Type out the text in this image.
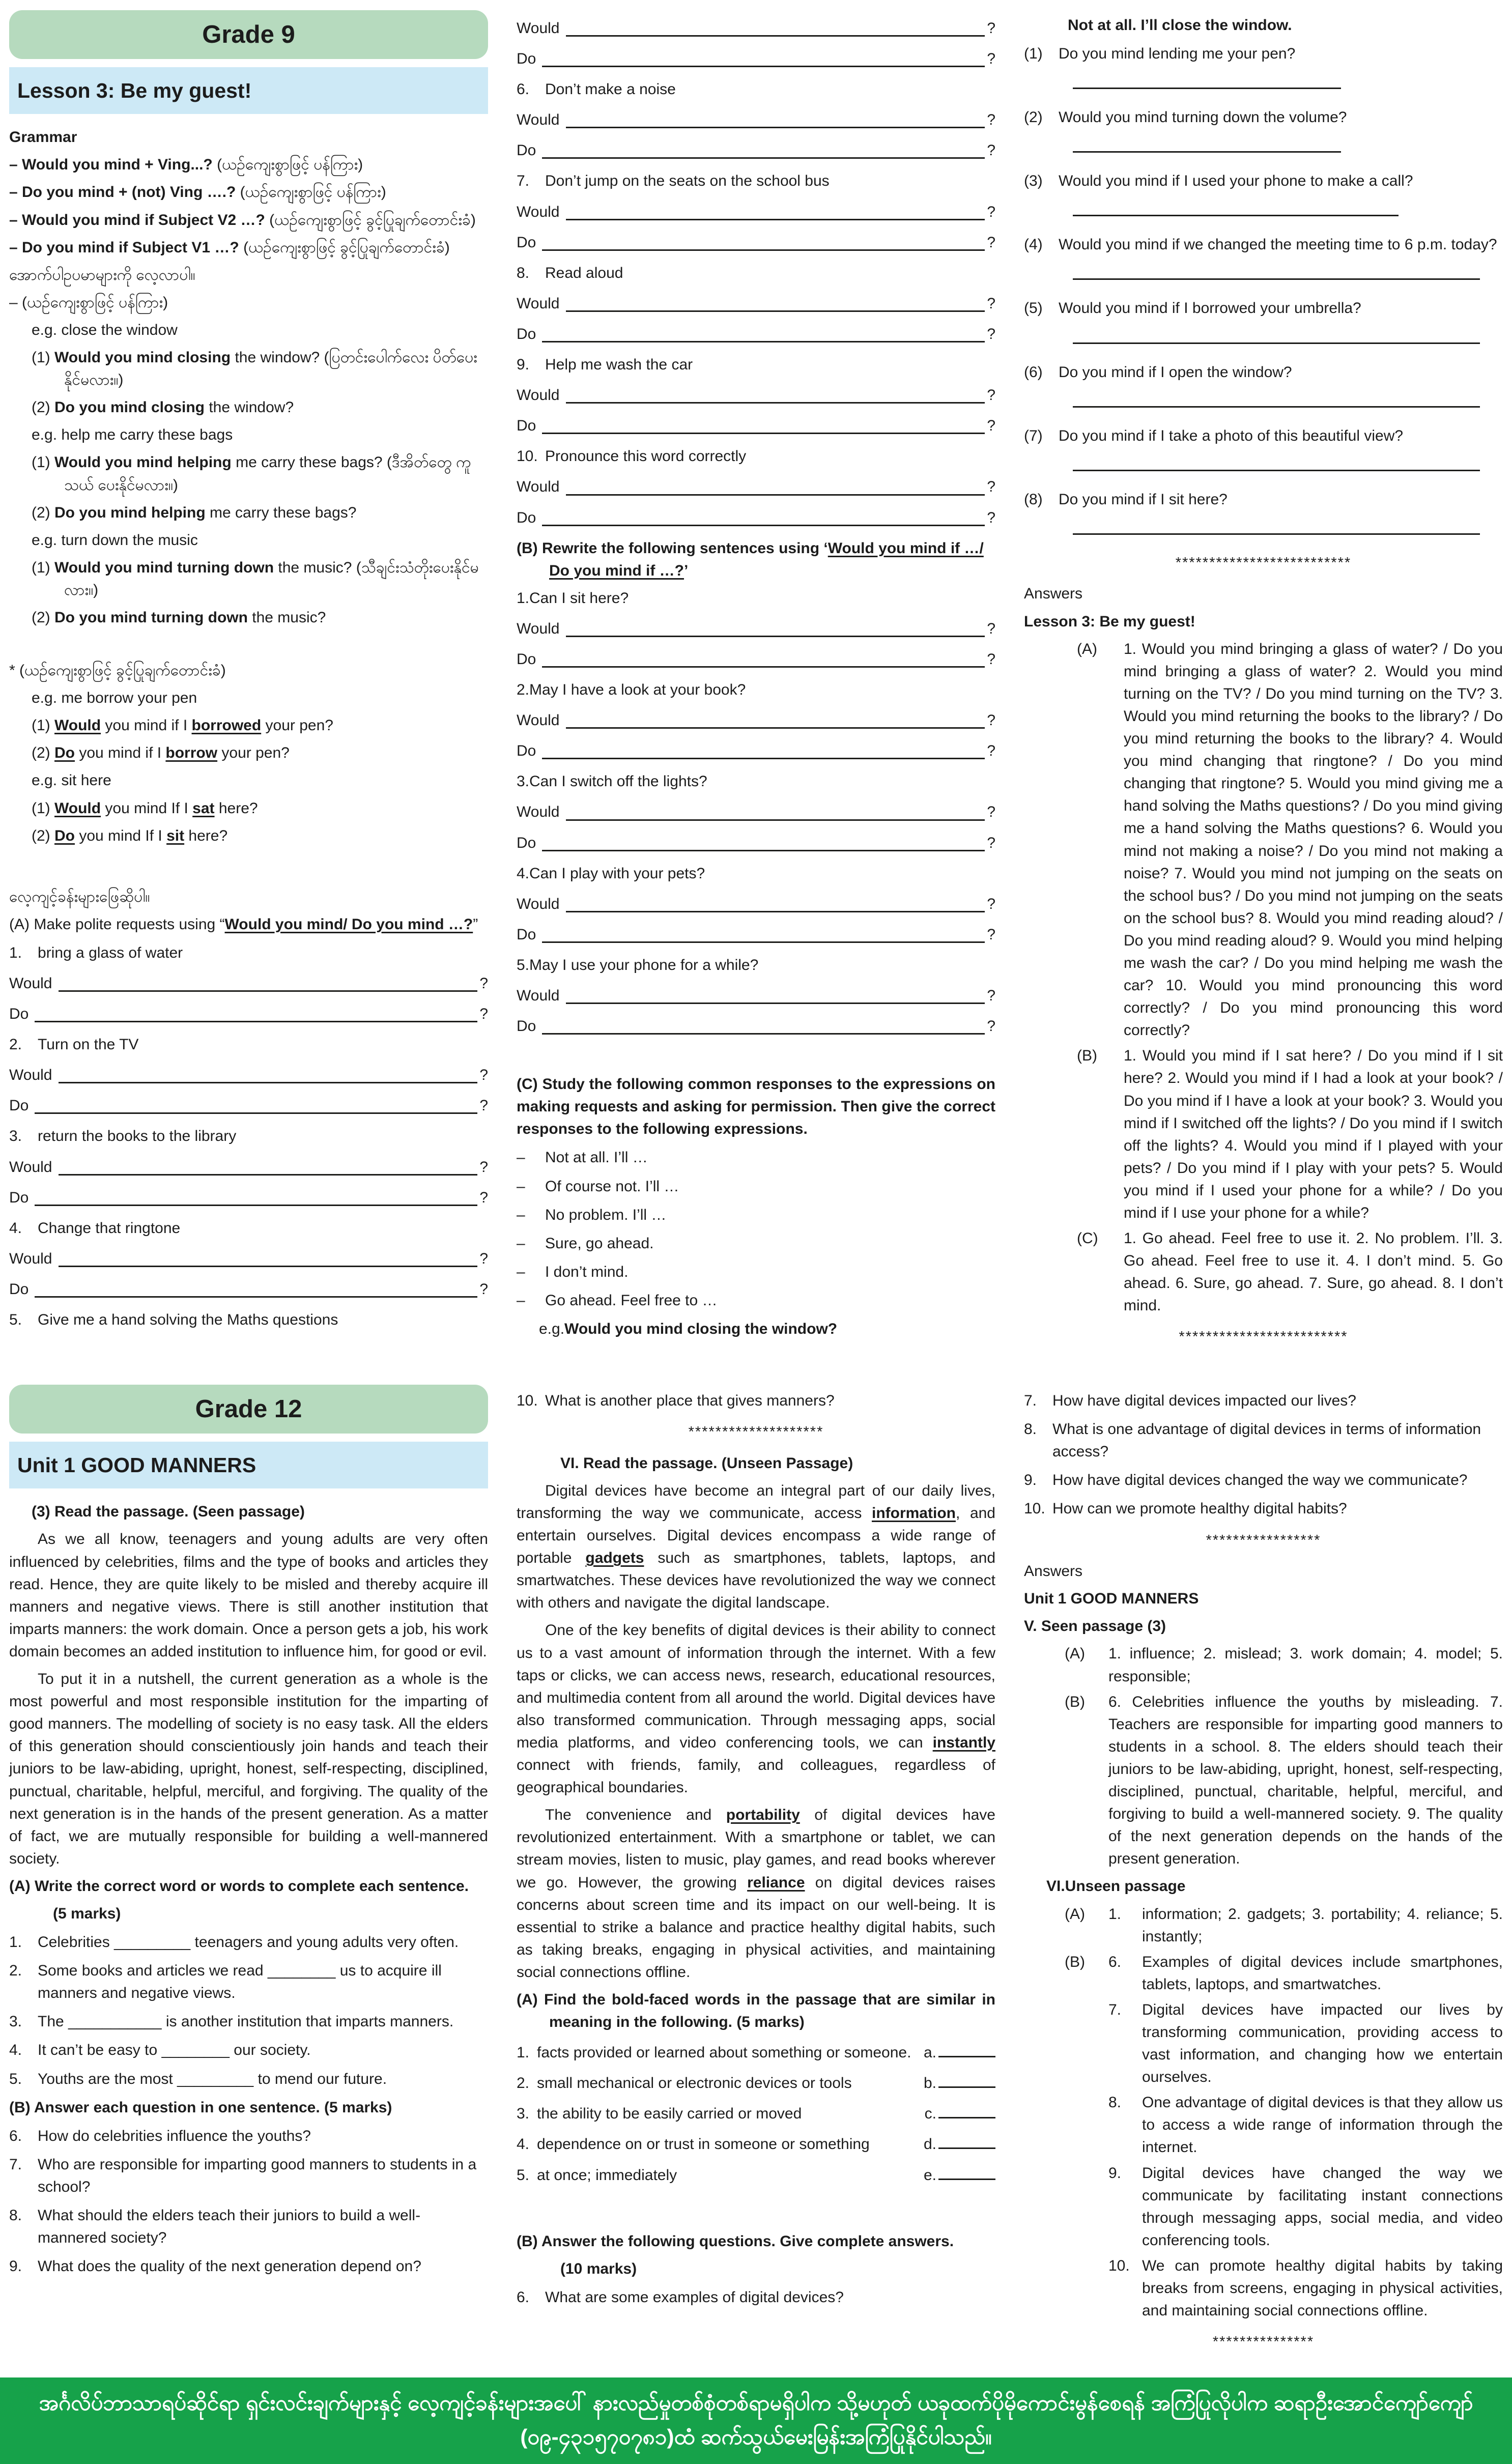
Grade 9
Lesson 3: Be my guest!
Grammar
– Would you mind + Ving...? (ယဉ်ကျေးစွာဖြင့် ပန်ကြား)
– Do you mind + (not) Ving ….? (ယဉ်ကျေးစွာဖြင့် ပန်ကြား)
– Would you mind if Subject V2 …? (ယဉ်ကျေးစွာဖြင့် ခွင့်ပြုချက်တောင်းခံ)
– Do you mind if Subject V1 …? (ယဉ်ကျေးစွာဖြင့် ခွင့်ပြုချက်တောင်းခံ)
အောက်ပါဥပမာများကို လေ့လာပါ။
– (ယဉ်ကျေးစွာဖြင့် ပန်ကြား)
e.g. close the window
(1) Would you mind closing the window? (ပြတင်းပေါက်လေး ပိတ်ပေးနိုင်မလား။)
(2) Do you mind closing the window?
e.g. help me carry these bags
(1) Would you mind helping me carry these bags? (ဒီအိတ်တွေ ကူသယ် ပေးနိုင်မလား။)
(2) Do you mind helping me carry these bags?
e.g. turn down the music
(1) Would you mind turning down the music? (သီချင်းသံတိုးပေးနိုင်မလား။)
(2) Do you mind turning down the music?
* (ယဉ်ကျေးစွာဖြင့် ခွင့်ပြုချက်တောင်းခံ)
e.g. me borrow your pen
(1) Would you mind if I borrowed your pen?
(2) Do you mind if I borrow your pen?
e.g. sit here
(1) Would you mind If I sat here?
(2) Do you mind If I sit here?
လေ့ကျင့်ခန်းများဖြေဆိုပါ။
(A) Make polite requests using “Would you mind/ Do you mind …?”
1.	bring a glass of water
Would	?
Do	?
2.	Turn on the TV
Would	?
Do	?
3.	return the books to the library
Would	?
Do	?
4.	Change that ringtone
Would	?
Do	?
5.	Give me a hand solving the Maths questions
Would	?
Do	?
6.	Don’t make a noise
Would	?
Do	?
7.	Don’t jump on the seats on the school bus
Would	?
Do	?
8.	Read aloud
Would	?
Do	?
9.	Help me wash the car
Would	?
Do	?
10. Pronounce this word correctly
Would	?
Do	?
(B) Rewrite the following sentences using ‘Would you mind if …/ Do you mind if …?’
1.Can I sit here?
Would	?
Do	?
2.May I have a look at your book?
Would	?
Do	?
3.Can I switch off the lights?
Would	?
Do	?
4.Can I play with your pets?
Would	?
Do	?
5.May I use your phone for a while?
Would	?
Do	?
(C) Study the following common responses to the expressions on making requests and asking for permission. Then give the correct responses to the following expressions.
–	Not at all. I’ll …
–	Of course not. I’ll …
–	No problem. I’ll …
–	Sure, go ahead.
–	I don’t mind.
–	Go ahead. Feel free to …
e.g.Would you mind closing the window?
Not at all. I’ll close the window.
(1)	Do you mind lending me your pen?
(2)	Would you mind turning down the volume?
(3)	Would you mind if I used your phone to make a call?
(4)	Would you mind if we changed the meeting time to 6 p.m. today?
(5)	Would you mind if I borrowed your umbrella?
(6)	Do you mind if I open the window?
(7)	Do you mind if I take a photo of this beautiful view?
(8)	Do you mind if I sit here?
**************************
Answers
Lesson 3: Be my guest!
(A)	1. Would you mind bringing a glass of water? / Do you mind bringing a glass of water? 2. Would you mind turning on the TV? / Do you mind turning on the TV? 3. Would you mind returning the books to the library? / Do you mind returning the books to the library? 4. Would you mind changing that ringtone? / Do you mind changing that ringtone? 5. Would you mind giving me a hand solving the Maths questions? / Do you mind giving me a hand solving the Maths questions? 6. Would you mind not making a noise? / Do you mind not making a noise? 7. Would you mind not jumping on the seats on the school bus? / Do you mind not jumping on the seats on the school bus? 8. Would you mind reading aloud? / Do you mind reading aloud? 9. Would you mind helping me wash the car? / Do you mind helping me wash the car? 10. Would you mind pronouncing this word correctly? / Do you mind pronouncing this word correctly?
(B)	1. Would you mind if I sat here? / Do you mind if I sit here? 2. Would you mind if I had a look at your book? / Do you mind if I have a look at your book? 3. Would you mind if I switched off the lights? / Do you mind if I switch off the lights? 4. Would you mind if I played with your pets? / Do you mind if I play with your pets? 5. Would you mind if I used your phone for a while? / Do you mind if I use your phone for a while?
(C)	1. Go ahead. Feel free to use it. 2. No problem. I’ll. 3. Go ahead. Feel free to use it. 4. I don’t mind. 5. Go ahead. 6. Sure, go ahead. 7. Sure, go ahead. 8. I don’t mind.
*************************
Grade 12
Unit 1 GOOD MANNERS
(3) Read the passage. (Seen passage)
As we all know, teenagers and young adults are very often influenced by celebrities, films and the type of books and articles they read. Hence, they are quite likely to be misled and thereby acquire ill manners and negative views. There is still another institution that imparts manners: the work domain. Once a person gets a job, his work domain becomes an added institution to influence him, for good or evil.
To put it in a nutshell, the current generation as a whole is the most powerful and most responsible institution for the imparting of good manners. The modelling of society is no easy task. All the elders of this generation should conscientiously join hands and teach their juniors to be law-abiding, upright, honest, self-respecting, disciplined, punctual, charitable, helpful, merciful, and forgiving. The quality of the next generation is in the hands of the present generation. As a matter of fact, we are mutually responsible for building a well-mannered society.
(A) Write the correct word or words to complete each sentence.
(5 marks)
1.	Celebrities _________ teenagers and young adults very often.
2.	Some books and articles we read ________ us to acquire ill manners and negative views.
3.	The ___________ is another institution that imparts manners.
4.	It can’t be easy to ________ our society.
5.	Youths are the most _________ to mend our future.
(B) Answer each question in one sentence. (5 marks)
6.	How do celebrities influence the youths?
7.	Who are responsible for imparting good manners to students in a school?
8.	What should the elders teach their juniors to build a well-mannered society?
9.	What does the quality of the next generation depend on?
10. What is another place that gives manners?
********************
VI. Read the passage. (Unseen Passage)
Digital devices have become an integral part of our daily lives, transforming the way we communicate, access information, and entertain ourselves. Digital devices encompass a wide range of portable gadgets such as smartphones, tablets, laptops, and smartwatches. These devices have revolutionized the way we connect with others and navigate the digital landscape.
One of the key benefits of digital devices is their ability to connect us to a vast amount of information through the internet. With a few taps or clicks, we can access news, research, educational resources, and multimedia content from all around the world. Digital devices have also transformed communication. Through messaging apps, social media platforms, and video conferencing tools, we can instantly connect with friends, family, and colleagues, regardless of geographical boundaries.
The convenience and portability of digital devices have revolutionized entertainment. With a smartphone or tablet, we can stream movies, listen to music, play games, and read books wherever we go. However, the growing reliance on digital devices raises concerns about screen time and its impact on our well-being. It is essential to strike a balance and practice healthy digital habits, such as taking breaks, engaging in physical activities, and maintaining social connections offline.
(A) Find the bold-faced words in the passage that are similar in meaning in the following. (5 marks)
1. facts provided or learned about something or someone. a.
2. small mechanical or electronic devices or tools	b.
3. the ability to be easily carried or moved	c.
4. dependence on or trust in someone or something	d.
5. at once; immediately	e.
(B) Answer the following questions. Give complete answers.
(10 marks)
6.	What are some examples of digital devices?
7.	How have digital devices impacted our lives?
8.	What is one advantage of digital devices in terms of information access?
9.	How have digital devices changed the way we communicate?
10. How can we promote healthy digital habits?
*****************
Answers
Unit 1 GOOD MANNERS
V. Seen passage (3)
(A)	1. influence; 2. mislead; 3. work domain; 4. model; 5. responsible;
(B)	6. Celebrities influence the youths by misleading. 7. Teachers are responsible for imparting good manners to students in a school. 8. The elders should teach their juniors to be law-abiding, upright, honest, self-respecting, disciplined, punctual, charitable, helpful, merciful, and forgiving to build a well-mannered society. 9. The quality of the next generation depends on the hands of the present generation.
VI.Unseen passage
(A)	1.	information; 2. gadgets; 3. portability; 4. reliance; 5. instantly;
(B)	6.	Examples of digital devices include smartphones, tablets, laptops, and smartwatches.
7.	Digital devices have impacted our lives by transforming communication, providing access to vast information, and changing how we entertain ourselves.
8.	One advantage of digital devices is that they allow us to access a wide range of information through the internet.
9.	Digital devices have changed the way we communicate by facilitating instant connections through messaging apps, social media, and video conferencing tools.
10. We can promote healthy digital habits by taking breaks from screens, engaging in physical activities, and maintaining social connections offline.
***************
အင်္ဂလိပ်ဘာသာရပ်ဆိုင်ရာ ရှင်းလင်းချက်များနှင့် လေ့ကျင့်ခန်းများအပေါ် နားလည်မှုတစ်စုံတစ်ရာမရှိပါက သို့မဟုတ် ယခုထက်ပိုမိုကောင်းမွန်စေရန် အကြံပြုလိုပါက ဆရာဦးအောင်ကျော်ကျော်
(၀၉-၄၃၁၅၇၀၇၈၁)ထံ ဆက်သွယ်မေးမြန်းအကြံပြုနိုင်ပါသည်။
